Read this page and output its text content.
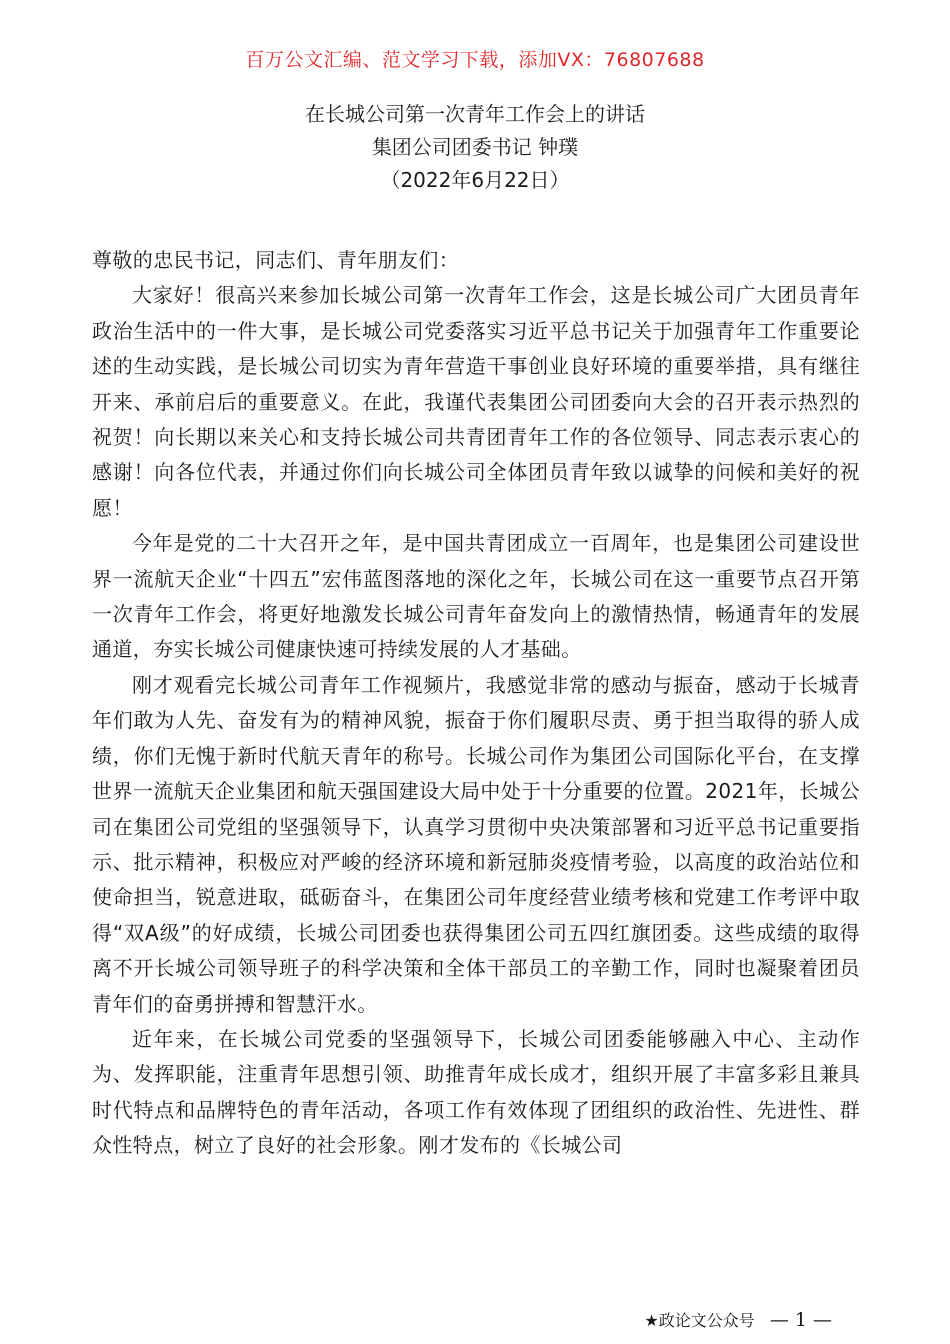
百万公文汇编、范文学习下载，添加VX：76807688
在长城公司第一次青年工作会上的讲话
集团公司团委书记 钟璞
（2022年6月22日）

尊敬的忠民书记，同志们、青年朋友们：

大家好！很高兴来参加长城公司第一次青年工作会，这是长城公司广大团员青年政治生活中的一件大事，是长城公司党委落实习近平总书记关于加强青年工作重要论述的生动实践，是长城公司切实为青年营造干事创业良好环境的重要举措，具有继往开来、承前启后的重要意义。在此，我谨代表集团公司团委向大会的召开表示热烈的祝贺！向长期以来关心和支持长城公司共青团青年工作的各位领导、同志表示衷心的感谢！向各位代表，并通过你们向长城公司全体团员青年致以诚挚的问候和美好的祝愿！

今年是党的二十大召开之年，是中国共青团成立一百周年，也是集团公司建设世界一流航天企业“十四五”宏伟蓝图落地的深化之年，长城公司在这一重要节点召开第一次青年工作会，将更好地激发长城公司青年奋发向上的激情热情，畅通青年的发展通道，夯实长城公司健康快速可持续发展的人才基础。

刚才观看完长城公司青年工作视频片，我感觉非常的感动与振奋，感动于长城青年们敢为人先、奋发有为的精神风貌，振奋于你们履职尽责、勇于担当取得的骄人成绩，你们无愧于新时代航天青年的称号。长城公司作为集团公司国际化平台，在支撑世界一流航天企业集团和航天强国建设大局中处于十分重要的位置。2021年，长城公司在集团公司党组的坚强领导下，认真学习贯彻中央决策部署和习近平总书记重要指示、批示精神，积极应对严峻的经济环境和新冠肺炎疫情考验，以高度的政治站位和使命担当，锐意进取，砥砺奋斗，在集团公司年度经营业绩考核和党建工作考评中取得“双A级”的好成绩，长城公司团委也获得集团公司五四红旗团委。这些成绩的取得离不开长城公司领导班子的科学决策和全体干部员工的辛勤工作，同时也凝聚着团员青年们的奋勇拼搏和智慧汗水。

近年来，在长城公司党委的坚强领导下，长城公司团委能够融入中心、主动作为、发挥职能，注重青年思想引领、助推青年成长成才，组织开展了丰富多彩且兼具时代特点和品牌特色的青年活动，各项工作有效体现了团组织的政治性、先进性、群众性特点，树立了良好的社会形象。刚才发布的《长城公司

★政论文公众号 — 1 —
